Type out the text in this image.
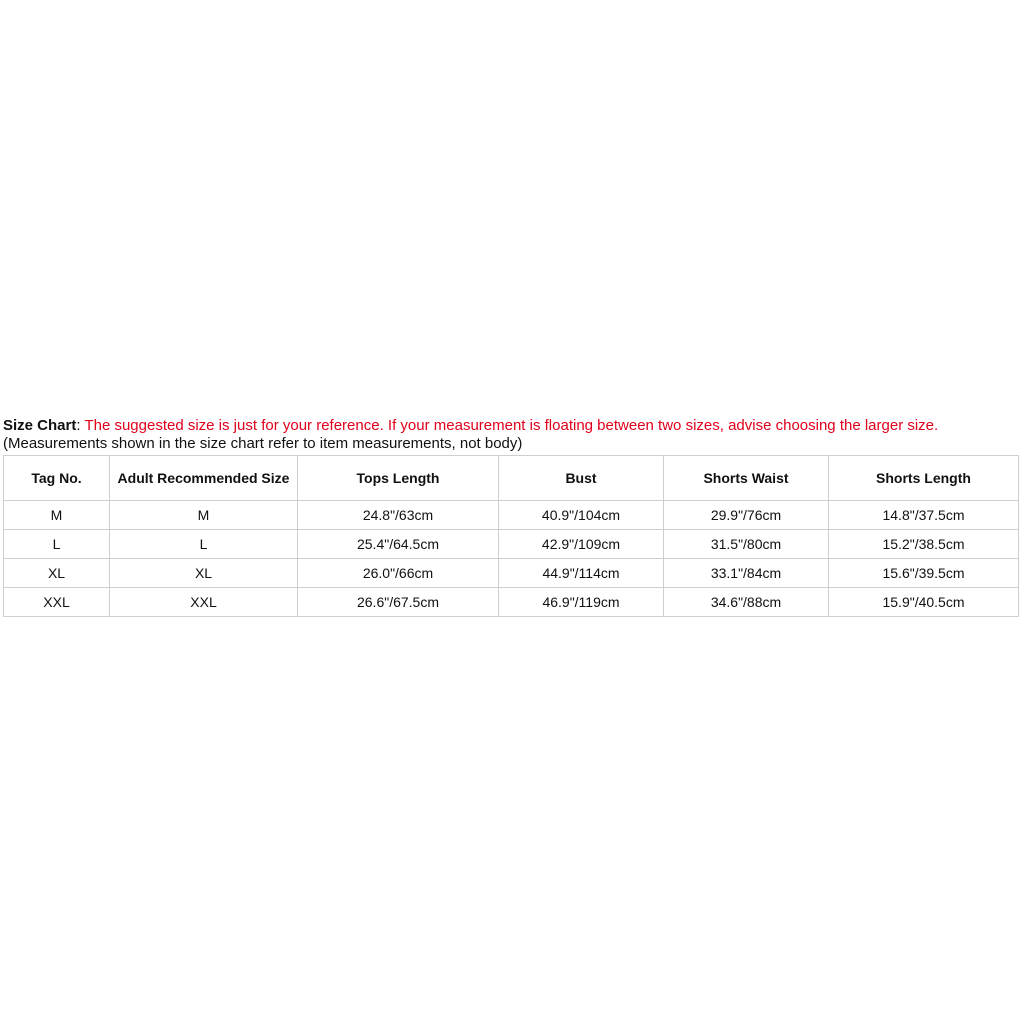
Size Chart: The suggested size is just for your reference. If your measurement is floating between two sizes, advise choosing the larger size.
(Measurements shown in the size chart refer to item measurements, not body)
Tag No.	Adult Recommended Size	Tops Length	Bust	Shorts Waist	Shorts Length
M	M	24.8"/63cm	40.9"/104cm	29.9"/76cm	14.8"/37.5cm
L	L	25.4"/64.5cm	42.9"/109cm	31.5"/80cm	15.2"/38.5cm
XL	XL	26.0"/66cm	44.9"/114cm	33.1"/84cm	15.6"/39.5cm
XXL	XXL	26.6"/67.5cm	46.9"/119cm	34.6"/88cm	15.9"/40.5cm
